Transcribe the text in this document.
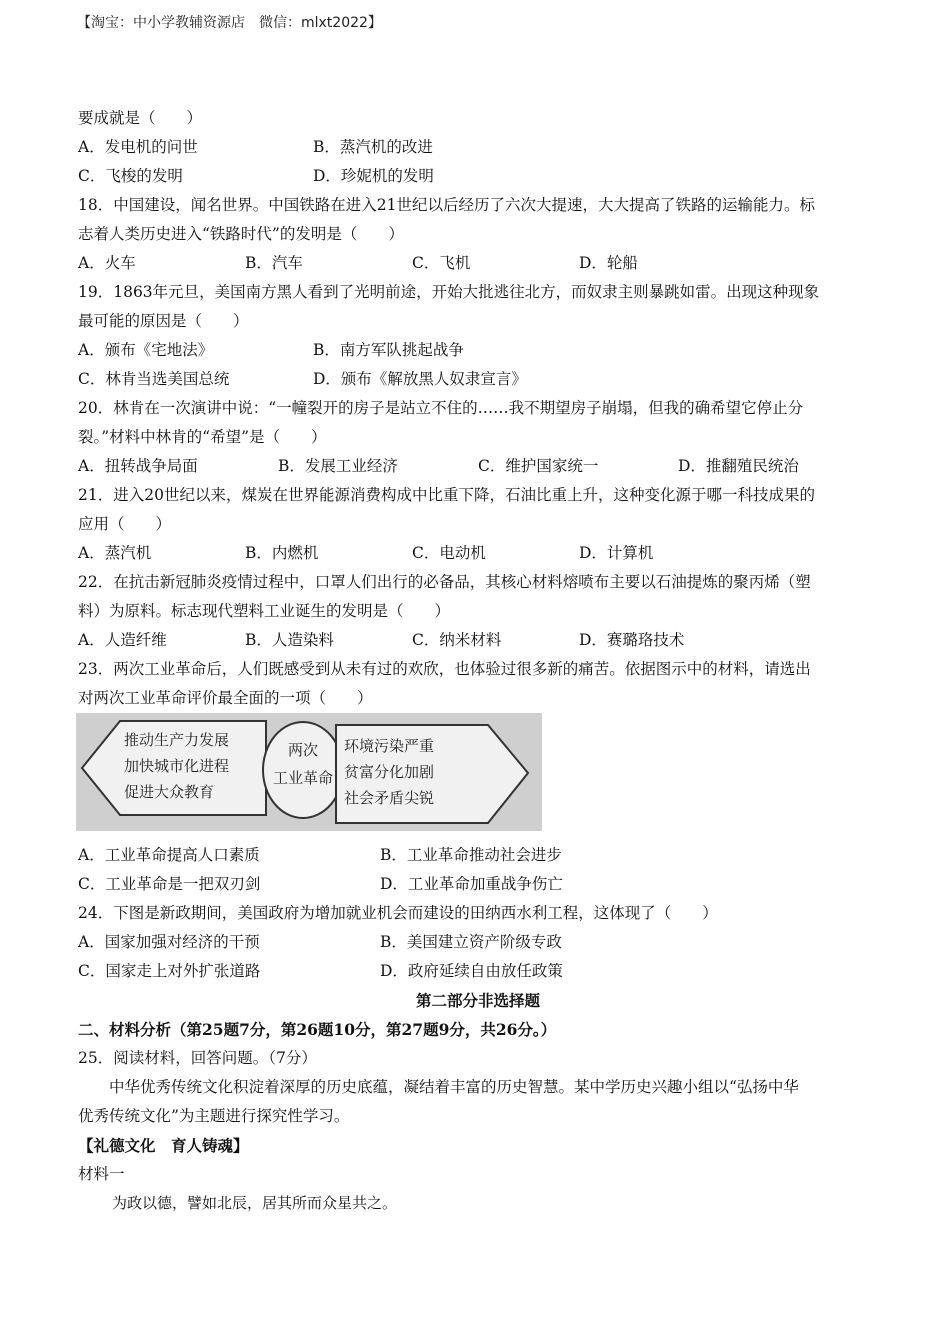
【淘宝：中小学教辅资源店　微信：mlxt2022】
要成就是（　　）
A．发电机的问世	B．蒸汽机的改进
C．飞梭的发明	D．珍妮机的发明
18．中国建设，闻名世界。中国铁路在进入21世纪以后经历了六次大提速，大大提高了铁路的运输能力。标
志着人类历史进入“铁路时代”的发明是（　　）
A．火车	B．汽车	C．飞机	D．轮船
19．1863年元旦，美国南方黑人看到了光明前途，开始大批逃往北方，而奴隶主则暴跳如雷。出现这种现象
最可能的原因是（　　）
A．颁布《宅地法》	B．南方军队挑起战争
C．林肯当选美国总统	D．颁布《解放黑人奴隶宣言》
20．林肯在一次演讲中说：“一幢裂开的房子是站立不住的……我不期望房子崩塌，但我的确希望它停止分
裂。”材料中林肯的“希望”是（　　）
A．扭转战争局面	B．发展工业经济	C．维护国家统一	D．推翻殖民统治
21．进入20世纪以来，煤炭在世界能源消费构成中比重下降，石油比重上升，这种变化源于哪一科技成果的
应用（　　）
A．蒸汽机	B．内燃机	C．电动机	D．计算机
22．在抗击新冠肺炎疫情过程中，口罩人们出行的必备品，其核心材料熔喷布主要以石油提炼的聚丙烯（塑
料）为原料。标志现代塑料工业诞生的发明是（　　）
A．人造纤维	B．人造染料	C．纳米材料	D．赛璐珞技术
23．两次工业革命后，人们既感受到从未有过的欢欣，也体验过很多新的痛苦。依据图示中的材料，请选出
对两次工业革命评价最全面的一项（　　）
推动生产力发展
加快城市化进程
促进大众教育
两次
工业革命
环境污染严重
贫富分化加剧
社会矛盾尖锐
A．工业革命提高人口素质	B．工业革命推动社会进步
C．工业革命是一把双刃剑	D．工业革命加重战争伤亡
24．下图是新政期间，美国政府为增加就业机会而建设的田纳西水利工程，这体现了（　　）
A．国家加强对经济的干预	B．美国建立资产阶级专政
C．国家走上对外扩张道路	D．政府延续自由放任政策
第二部分非选择题
二、材料分析（第25题7分，第26题10分，第27题9分，共26分。）
25．阅读材料，回答问题。（7分）
中华优秀传统文化积淀着深厚的历史底蕴，凝结着丰富的历史智慧。某中学历史兴趣小组以“弘扬中华
优秀传统文化”为主题进行探究性学习。
【礼德文化　育人铸魂】
材料一
为政以德，譬如北辰，居其所而众星共之。
